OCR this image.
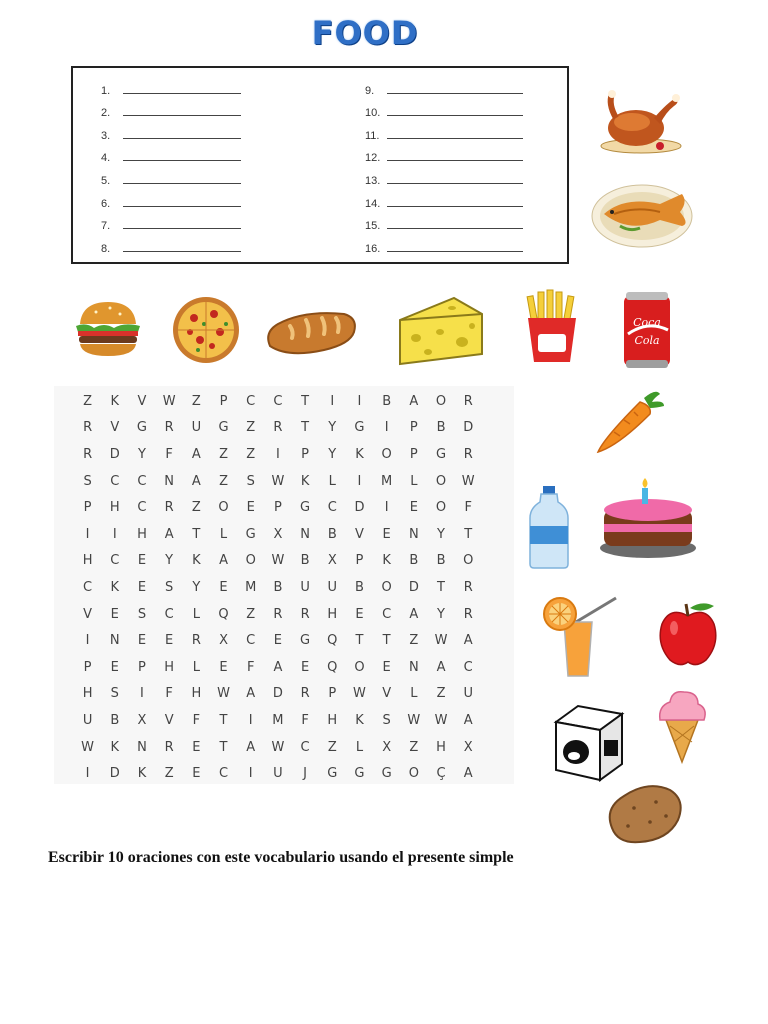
FOOD
1.
2.
3.
4.
5.
6.
7.
8.
9.
10.
11.
12.
13.
14.
15.
16.
Coca
Cola
Z	K	V	W	Z	P	C	C	T	I	I	B	A	O	R
R	V	G	R	U	G	Z	R	T	Y	G	I	P	B	D
R	D	Y	F	A	Z	Z	I	P	Y	K	O	P	G	R
S	C	C	N	A	Z	S	W	K	L	I	M	L	O	W
P	H	C	R	Z	O	E	P	G	C	D	I	E	O	F
I	I	H	A	T	L	G	X	N	B	V	E	N	Y	T
H	C	E	Y	K	A	O	W	B	X	P	K	B	B	O
C	K	E	S	Y	E	M	B	U	U	B	O	D	T	R
V	E	S	C	L	Q	Z	R	R	H	E	C	A	Y	R
I	N	E	E	R	X	C	E	G	Q	T	T	Z	W	A
P	E	P	H	L	E	F	A	E	Q	O	E	N	A	C
H	S	I	F	H	W	A	D	R	P	W	V	L	Z	U
U	B	X	V	F	T	I	M	F	H	K	S	W	W	A
W	K	N	R	E	T	A	W	C	Z	L	X	Z	H	X
I	D	K	Z	E	C	I	U	J	G	G	G	O	Ç	A
Escribir 10 oraciones con este vocabulario usando el presente simple
